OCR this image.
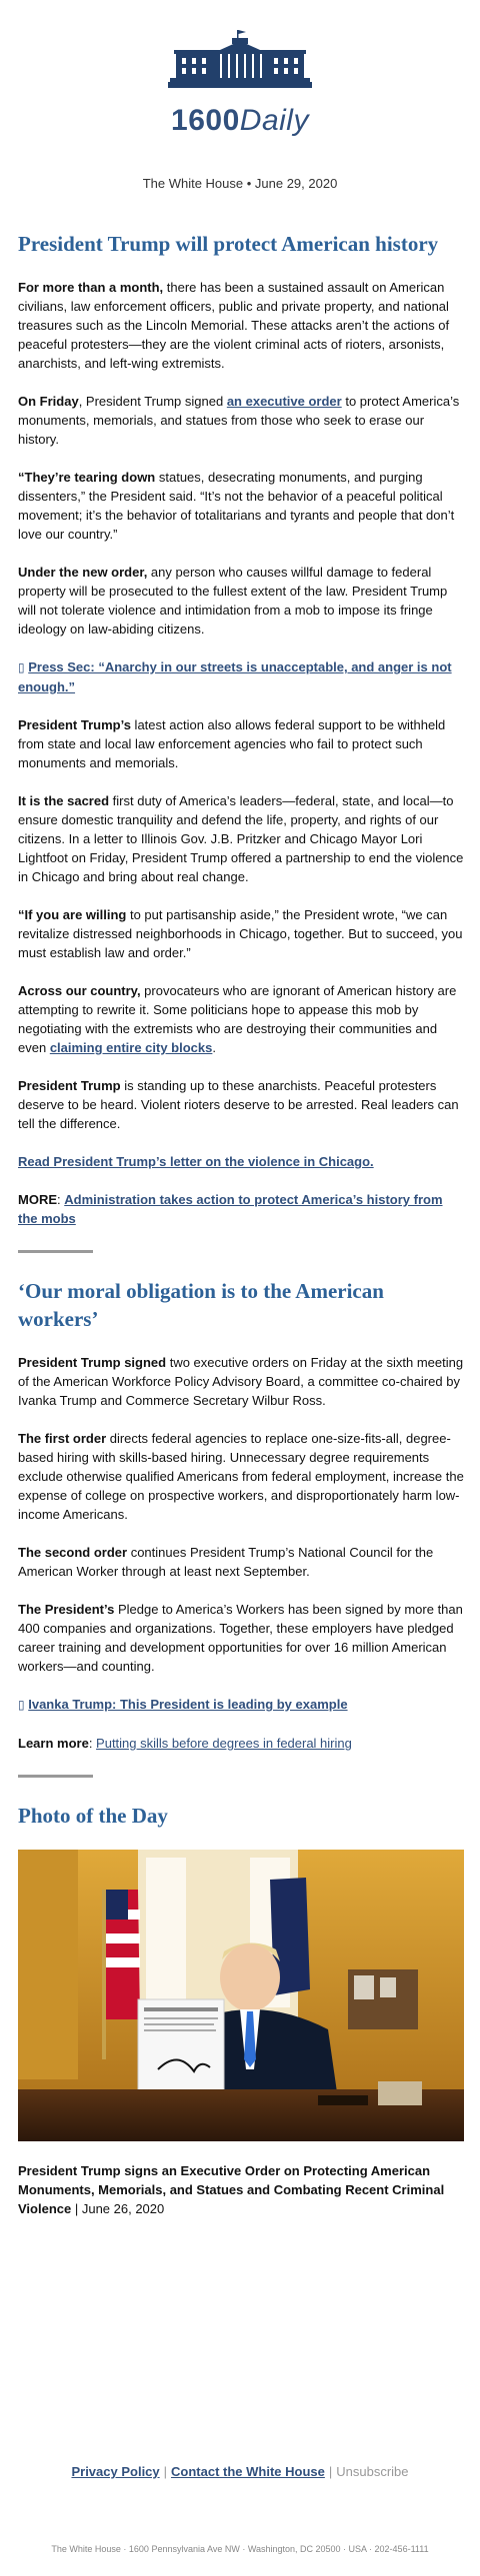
1600Daily
The White House • June 29, 2020
President Trump will protect American history

For more than a month, there has been a sustained assault on American civilians, law enforcement officers, public and private property, and national treasures such as the Lincoln Memorial. These attacks aren’t the actions of peaceful protesters—they are the violent criminal acts of rioters, arsonists, anarchists, and left-wing extremists.

On Friday, President Trump signed an executive order to protect America’s monuments, memorials, and statues from those who seek to erase our history.

“They’re tearing down statues, desecrating monuments, and purging dissenters,” the President said. “It’s not the behavior of a peaceful political movement; it’s the behavior of totalitarians and tyrants and people that don’t love our country.”

Under the new order, any person who causes willful damage to federal property will be prosecuted to the fullest extent of the law. President Trump will not tolerate violence and intimidation from a mob to impose its fringe ideology on law-abiding citizens.

▯ Press Sec: “Anarchy in our streets is unacceptable, and anger is not enough.”

President Trump’s latest action also allows federal support to be withheld from state and local law enforcement agencies who fail to protect such monuments and memorials.

It is the sacred first duty of America’s leaders—federal, state, and local—to ensure domestic tranquility and defend the life, property, and rights of our citizens. In a letter to Illinois Gov. J.B. Pritzker and Chicago Mayor Lori Lightfoot on Friday, President Trump offered a partnership to end the violence in Chicago and bring about real change.

“If you are willing to put partisanship aside,” the President wrote, “we can revitalize distressed neighborhoods in Chicago, together. But to succeed, you must establish law and order.”

Across our country, provocateurs who are ignorant of American history are attempting to rewrite it. Some politicians hope to appease this mob by negotiating with the extremists who are destroying their communities and even claiming entire city blocks.

President Trump is standing up to these anarchists. Peaceful protesters deserve to be heard. Violent rioters deserve to be arrested. Real leaders can tell the difference.

Read President Trump’s letter on the violence in Chicago.

MORE: Administration takes action to protect America’s history from the mobs

‘Our moral obligation is to the American workers’

President Trump signed two executive orders on Friday at the sixth meeting of the American Workforce Policy Advisory Board, a committee co-chaired by Ivanka Trump and Commerce Secretary Wilbur Ross.

The first order directs federal agencies to replace one-size-fits-all, degree-based hiring with skills-based hiring. Unnecessary degree requirements exclude otherwise qualified Americans from federal employment, increase the expense of college on prospective workers, and disproportionately harm low-income Americans.

The second order continues President Trump’s National Council for the American Worker through at least next September.

The President’s Pledge to America’s Workers has been signed by more than 400 companies and organizations. Together, these employers have pledged career training and development opportunities for over 16 million American workers—and counting.

▯ Ivanka Trump: This President is leading by example

Learn more: Putting skills before degrees in federal hiring

Photo of the Day

President Trump signs an Executive Order on Protecting American Monuments, Memorials, and Statues and Combating Recent Criminal Violence | June 26, 2020

Privacy Policy | Contact the White House | Unsubscribe
The White House · 1600 Pennsylvania Ave NW · Washington, DC 20500 · USA · 202-456-1111
